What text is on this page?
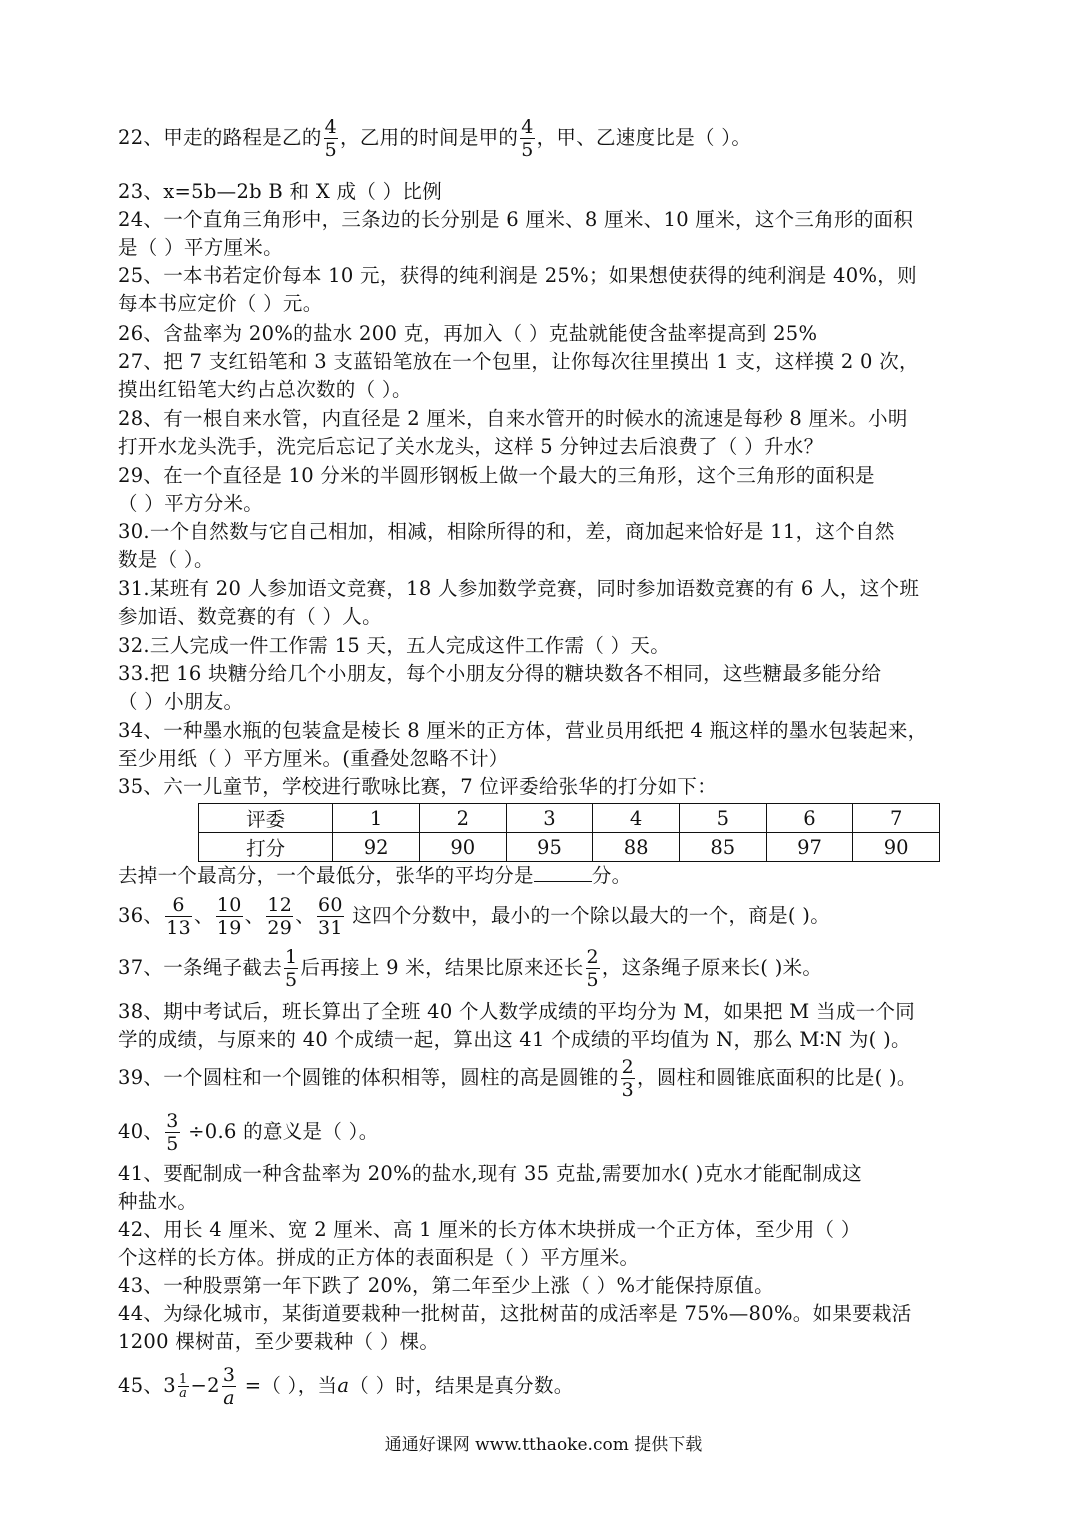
22、甲走的路程是乙的 $\frac{4}{5}$ ，乙用的时间是甲的 $\frac{4}{5}$ ，甲、乙速度比是（ ）。
23、x=5b—2b B 和 X 成（ ）比例
24、一个直角三角形中，三条边的长分别是 6 厘米、8 厘米、10 厘米，这个三角形的面积
是（ ）平方厘米。
25、一本书若定价每本 10 元，获得的纯利润是 25%；如果想使获得的纯利润是 40%，则
每本书应定价（ ）元。
26、含盐率为 20%的盐水 200 克，再加入（ ）克盐就能使含盐率提高到 25%
27、把 7 支红铅笔和 3 支蓝铅笔放在一个包里，让你每次往里摸出 1 支，这样摸 2 0 次，
摸出红铅笔大约占总次数的（ ）。
28、有一根自来水管，内直径是 2 厘米，自来水管开的时候水的流速是每秒 8 厘米。小明
打开水龙头洗手，洗完后忘记了关水龙头，这样 5 分钟过去后浪费了（ ）升水？
29、在一个直径是 10 分米的半圆形钢板上做一个最大的三角形，这个三角形的面积是
（ ）平方分米。
30.一个自然数与它自己相加，相减，相除所得的和，差，商加起来恰好是 11，这个自然
数是（ ）。
31.某班有 20 人参加语文竞赛，18 人参加数学竞赛，同时参加语数竞赛的有 6 人，这个班
参加语、数竞赛的有（ ）人。
32.三人完成一件工作需 15 天，五人完成这件工作需（ ）天。
33.把 16 块糖分给几个小朋友，每个小朋友分得的糖块数各不相同，这些糖最多能分给
（ ）小朋友。
34、一种墨水瓶的包装盒是棱长 8 厘米的正方体，营业员用纸把 4 瓶这样的墨水包装起来，
至少用纸（ ）平方厘米。(重叠处忽略不计）
35、六一儿童节，学校进行歌咏比赛，7 位评委给张华的打分如下：
评委	1	2	3	4	5	6	7
打分	92	90	95	88	85	97	90
去掉一个最高分，一个最低分，张华的平均分是	分。
36、 $\frac{6}{13}$ 、 $\frac{10}{19}$ 、 $\frac{12}{29}$ 、 $\frac{60}{31}$ 这四个分数中，最小的一个除以最大的一个，商是( )。
37、一条绳子截去 $\frac{1}{5}$ 后再接上 9 米，结果比原来还长 $\frac{2}{5}$ ，这条绳子原来长( )米。
38、期中考试后，班长算出了全班 40 个人数学成绩的平均分为 M，如果把 M 当成一个同
学的成绩，与原来的 40 个成绩一起，算出这 41 个成绩的平均值为 N，那么 M∶N 为( )。
39、一个圆柱和一个圆锥的体积相等，圆柱的高是圆锥的 $\frac{2}{3}$ ，圆柱和圆锥底面积的比是( )。
40、 $\frac{3}{5} \div 0.6$ 的意义是（ ）。
41、要配制成一种含盐率为 20%的盐水,现有 35 克盐,需要加水( )克水才能配制成这
种盐水。
42、用长 4 厘米、宽 2 厘米、高 1 厘米的长方体木块拼成一个正方体，至少用（ ）
个这样的长方体。拼成的正方体的表面积是（ ）平方厘米。
43、一种股票第一年下跌了 20%，第二年至少上涨（ ）%才能保持原值。
44、为绿化城市，某街道要栽种一批树苗，这批树苗的成活率是 75%—80%。如果要栽活
1200 棵树苗，至少要栽种（ ）棵。
45、$3 \frac{1}{a} -2 \frac{3}{a}$ =（ ），当a（ ）时，结果是真分数。
通通好课网 www.tthaoke.com 提供下载
